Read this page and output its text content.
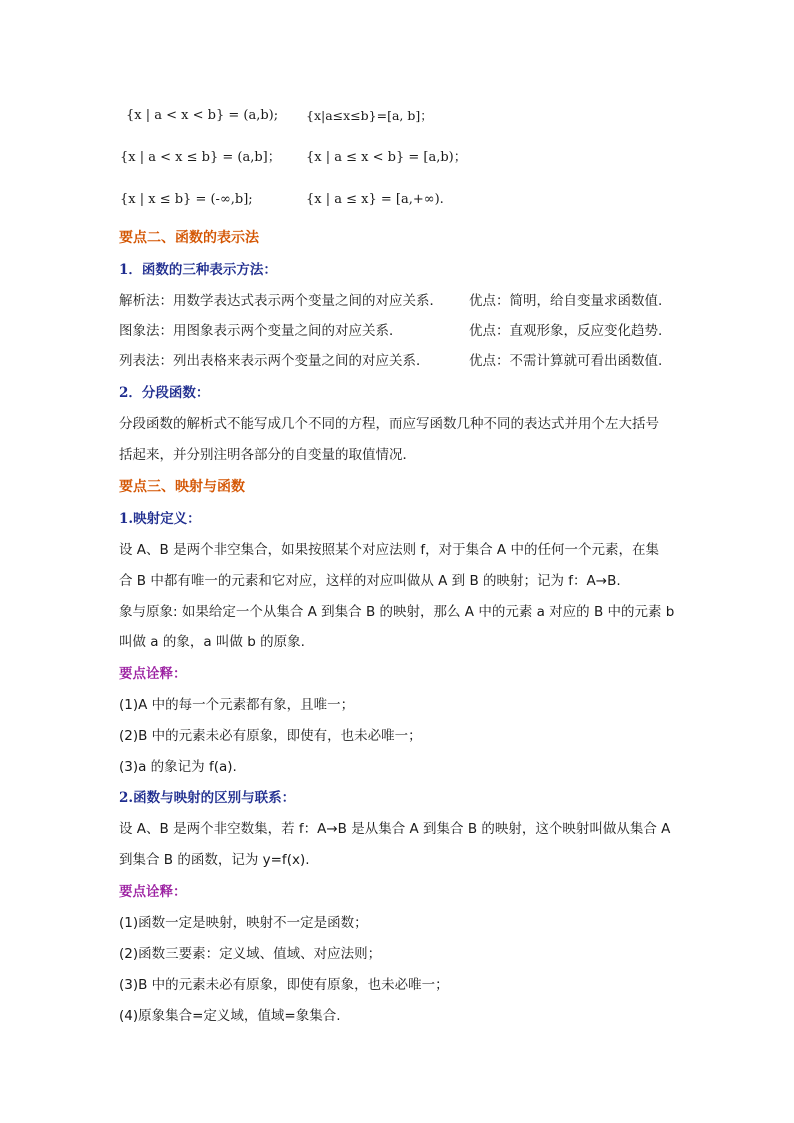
{x | a < x < b} = (a,b); {x|a≤x≤b}=[a, b]；
{x | a < x ≤ b} = (a,b]； {x | a ≤ x < b} = [a,b)；
{x | x ≤ b} = (-∞,b];	{x | a ≤ x} = [a,+∞).
要点二、函数的表示法
1．函数的三种表示方法：
解析法：用数学表达式表示两个变量之间的对应关系． 优点：简明，给自变量求函数值.
图象法：用图象表示两个变量之间的对应关系．	优点：直观形象，反应变化趋势.
列表法：列出表格来表示两个变量之间的对应关系．	优点：不需计算就可看出函数值.
2．分段函数：
分段函数的解析式不能写成几个不同的方程，而应写函数几种不同的表达式并用个左大括号
括起来，并分别注明各部分的自变量的取值情况．
要点三、映射与函数
1.映射定义：
设 A、B 是两个非空集合，如果按照某个对应法则 f，对于集合 A 中的任何一个元素，在集
合 B 中都有唯一的元素和它对应，这样的对应叫做从 A 到 B 的映射；记为 f：A→B.
象与原象: 如果给定一个从集合 A 到集合 B 的映射，那么 A 中的元素 a 对应的 B 中的元素 b
叫做 a 的象，a 叫做 b 的原象.
要点诠释：
(1)A 中的每一个元素都有象，且唯一；
(2)B 中的元素未必有原象，即使有，也未必唯一；
(3)a 的象记为 f(a).
2.函数与映射的区别与联系：
设 A、B 是两个非空数集，若 f：A→B 是从集合 A 到集合 B 的映射，这个映射叫做从集合 A
到集合 B 的函数，记为 y=f(x).
要点诠释：
(1)函数一定是映射，映射不一定是函数；
(2)函数三要素：定义域、值域、对应法则；
(3)B 中的元素未必有原象，即使有原象，也未必唯一；
(4)原象集合=定义域，值域=象集合.
